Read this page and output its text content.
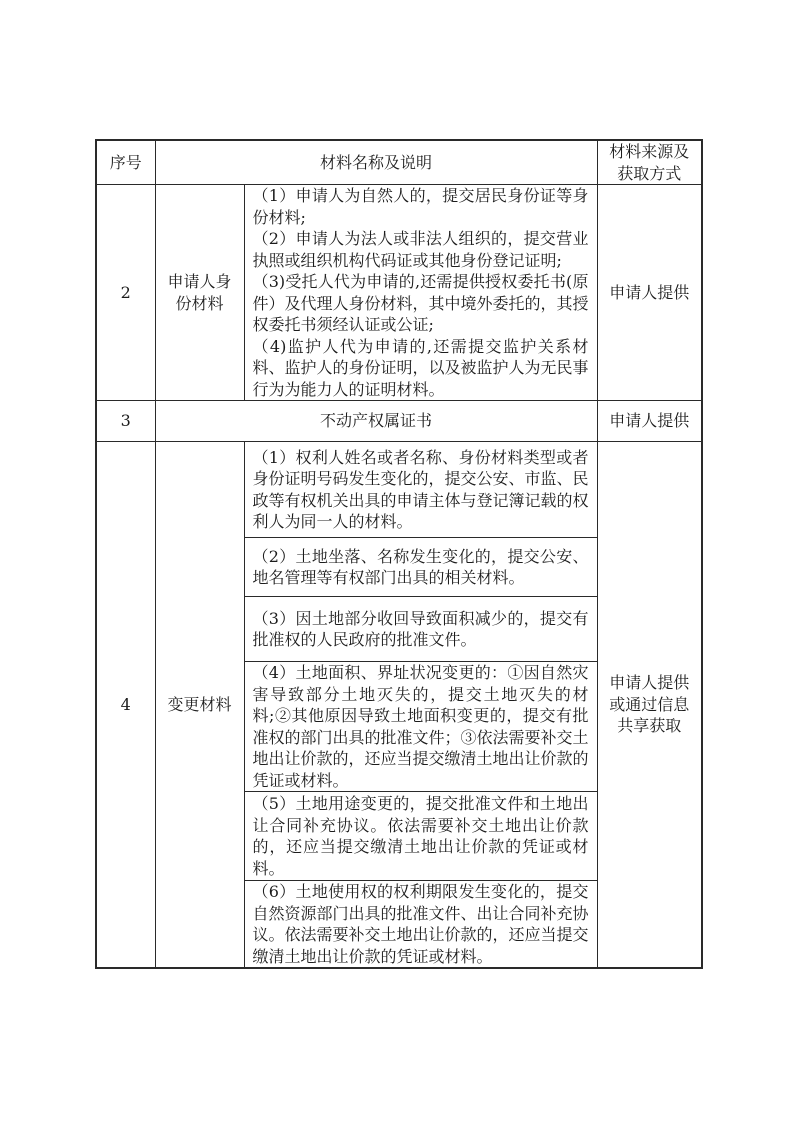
序号	材料名称及说明		材料来源及获取方式

2	申请人身份材料	（1）申请人为自然人的，提交居民身份证等身份材料;

（2）申请人为法人或非法人组织的，提交营业执照或组织机构代码证或其他身份登记证明;

（3)受托人代为申请的,还需提供授权委托书(原件）及代理人身份材料，其中境外委托的，其授权委托书须经认证或公证;

（4)监护人代为申请的,还需提交监护关系材料、监护人的身份证明，以及被监护人为无民事行为为能力人的证明材料。	申请人提供
3	不动产权属证书		申请人提供
4	变更材料	（1）权利人姓名或者名称、身份材料类型或者身份证明号码发生变化的，提交公安、市监、民政等有权机关出具的申请主体与登记簿记载的权利人为同一人的材料。	申请人提供或通过信息共享获取

		（2）土地坐落、名称发生变化的，提交公安、地名管理等有权部门出具的相关材料。	
		（3）因土地部分收回导致面积减少的，提交有批准权的人民政府的批准文件。	
		（4）土地面积、界址状况变更的：①因自然灾害导致部分土地灭失的，提交土地灭失的材料;②其他原因导致土地面积变更的，提交有批准权的部门出具的批准文件；③依法需要补交土地出让价款的，还应当提交缴清土地出让价款的凭证或材料。	
		（5）土地用途变更的，提交批准文件和土地出让合同补充协议。依法需要补交土地出让价款的，还应当提交缴清土地出让价款的凭证或材料。	
		（6）土地使用权的权利期限发生变化的，提交自然资源部门出具的批准文件、出让合同补充协议。依法需要补交土地出让价款的，还应当提交缴清土地出让价款的凭证或材料。	
